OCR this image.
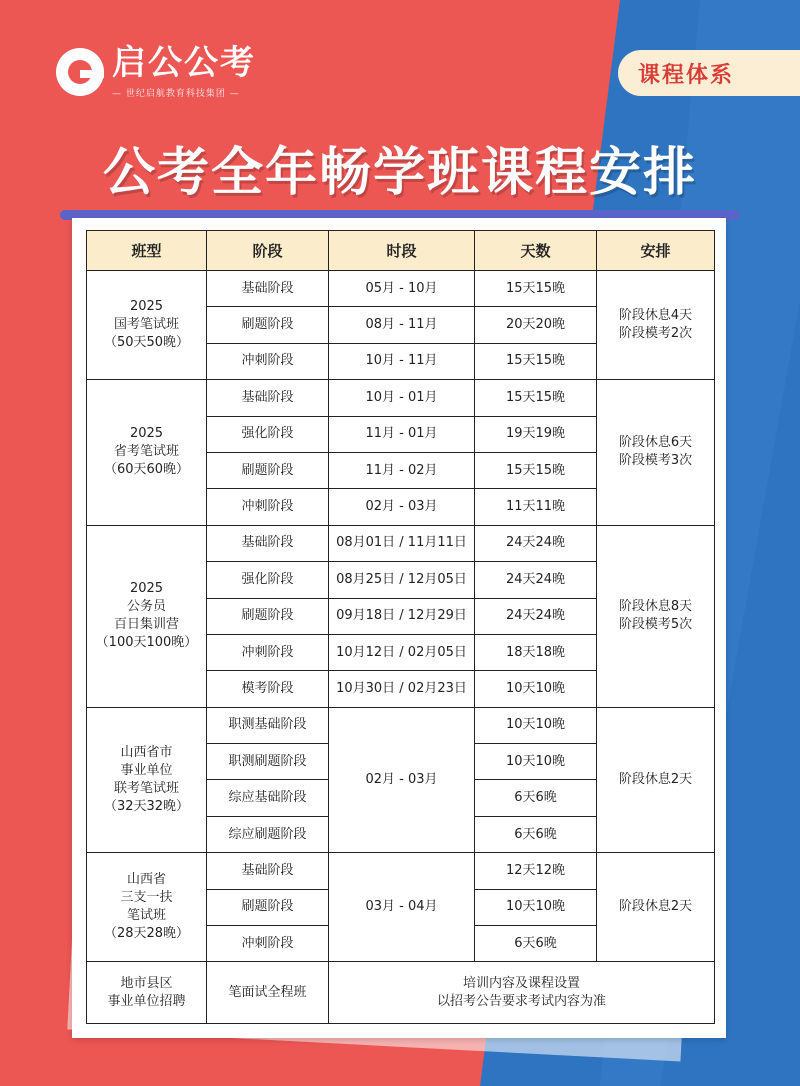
启公公考
— 世纪启航教育科技集团 —
课程体系
公考全年畅学班课程安排
班型	阶段	时段	天数	安排

2025
国考笔试班
（50天50晚）	基础阶段	05月 - 10月	15天15晚	阶段休息4天
阶段模考2次

	刷题阶段	08月 - 11月	20天20晚	
	冲刺阶段	10月 - 11月	15天15晚	

2025
省考笔试班
（60天60晚）	基础阶段	10月 - 01月	15天15晚	阶段休息6天
阶段模考3次

	强化阶段	11月 - 01月	19天19晚	
	刷题阶段	11月 - 02月	15天15晚	
	冲刺阶段	02月 - 03月	11天11晚	

2025
公务员
百日集训营
（100天100晚）	基础阶段	08月01日 / 11月11日	24天24晚	阶段休息8天
阶段模考5次

	强化阶段	08月25日 / 12月05日	24天24晚	
	刷题阶段	09月18日 / 12月29日	24天24晚	
	冲刺阶段	10月12日 / 02月05日	18天18晚	
	模考阶段	10月30日 / 02月23日	10天10晚	

山西省市
事业单位
联考笔试班
（32天32晚）	职测基础阶段	02月 - 03月	10天10晚	阶段休息2天

	职测刷题阶段		10天10晚	
	综应基础阶段		6天6晚	
	综应刷题阶段		6天6晚	

山西省
三支一扶
笔试班
（28天28晚）	基础阶段	03月 - 04月	12天12晚	阶段休息2天

	刷题阶段		10天10晚	
	冲刺阶段		6天6晚	

地市县区
事业单位招聘	笔面试全程班	培训内容及课程设置
以招考公告要求考试内容为准		
